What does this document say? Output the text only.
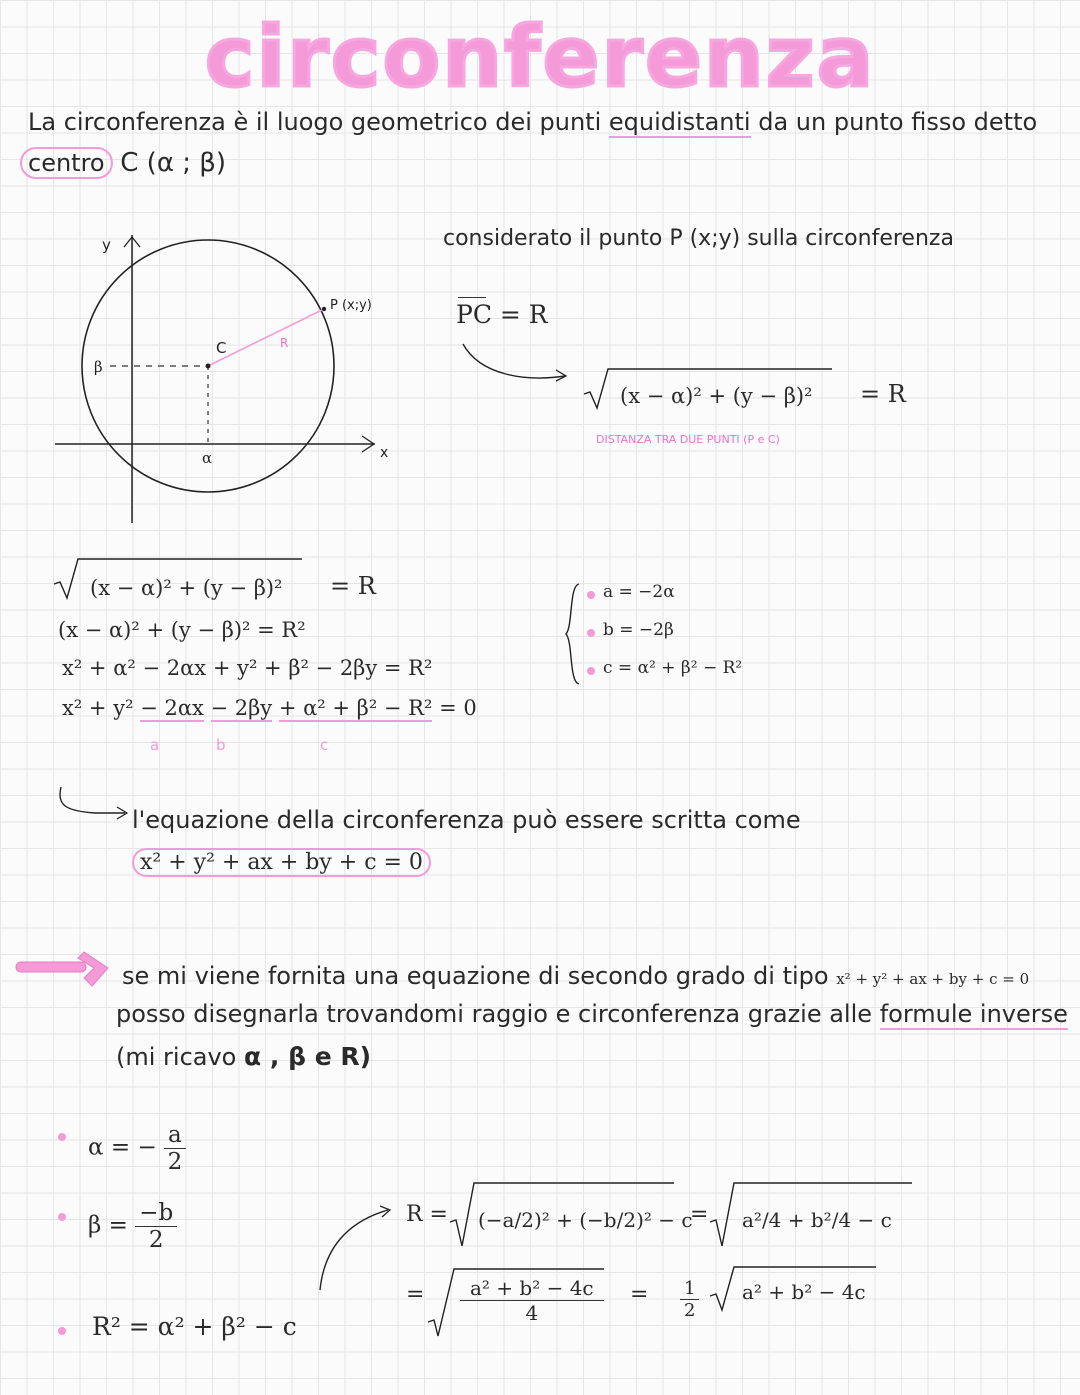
circonferenza
La circonferenza è il luogo geometrico dei punti equidistanti da un punto fisso detto
centro C (α ; β)
y
x
C	R
P (x;y)
β
α
considerato il punto P (x;y) sulla circonferenza
PC = R
(x − α)² + (y − β)² = R
DISTANZA TRA DUE PUNTI (P e C)
(x − α)² + (y − β)² = R
(x − α)² + (y − β)² = R²
x² + α² − 2αx + y² + β² − 2βy = R²
x² + y² − 2αx − 2βy + α² + β² − R² = 0
a	b	c
a = −2α
b = −2β
c = α² + β² − R²
l'equazione della circonferenza può essere scritta come
x² + y² + ax + by + c = 0
se mi viene fornita una equazione di secondo grado di tipo x² + y² + ax + by + c = 0
posso disegnarla trovandomi raggio e circonferenza grazie alle formule inverse
(mi ricavo α , β e R)
α = − $\frac{a}{2}$
$\beta = \frac{-b}{2}$
R² = α² + β² − c
R = (−a/2)² + (−b/2)² − c
= a²/4 + b²/4 − c
= $\frac{\text{a² + b² − 4c}}{4} = \frac{1}{2} a^2 + b^2 - 4c$
